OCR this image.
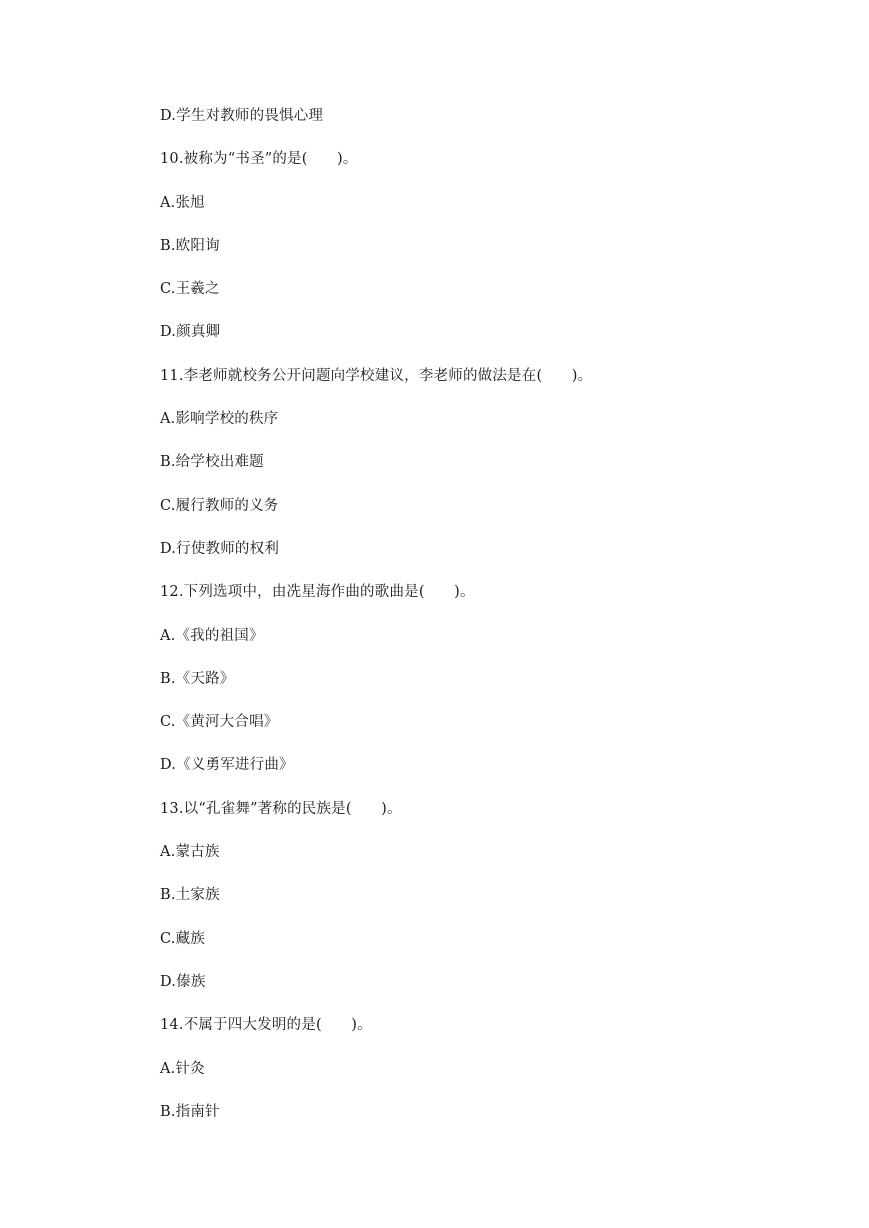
D.学生对教师的畏惧心理
10.被称为“书圣”的是(　　)。
A.张旭
B.欧阳询
C.王羲之
D.颜真卿
11.李老师就校务公开问题向学校建议，李老师的做法是在(　　)。
A.影响学校的秩序
B.给学校出难题
C.履行教师的义务
D.行使教师的权利
12.下列选项中，由冼星海作曲的歌曲是(　　)。
A.《我的祖国》
B.《天路》
C.《黄河大合唱》
D.《义勇军进行曲》
13.以“孔雀舞”著称的民族是(　　)。
A.蒙古族
B.土家族
C.藏族
D.傣族
14.不属于四大发明的是(　　)。
A.针灸
B.指南针
